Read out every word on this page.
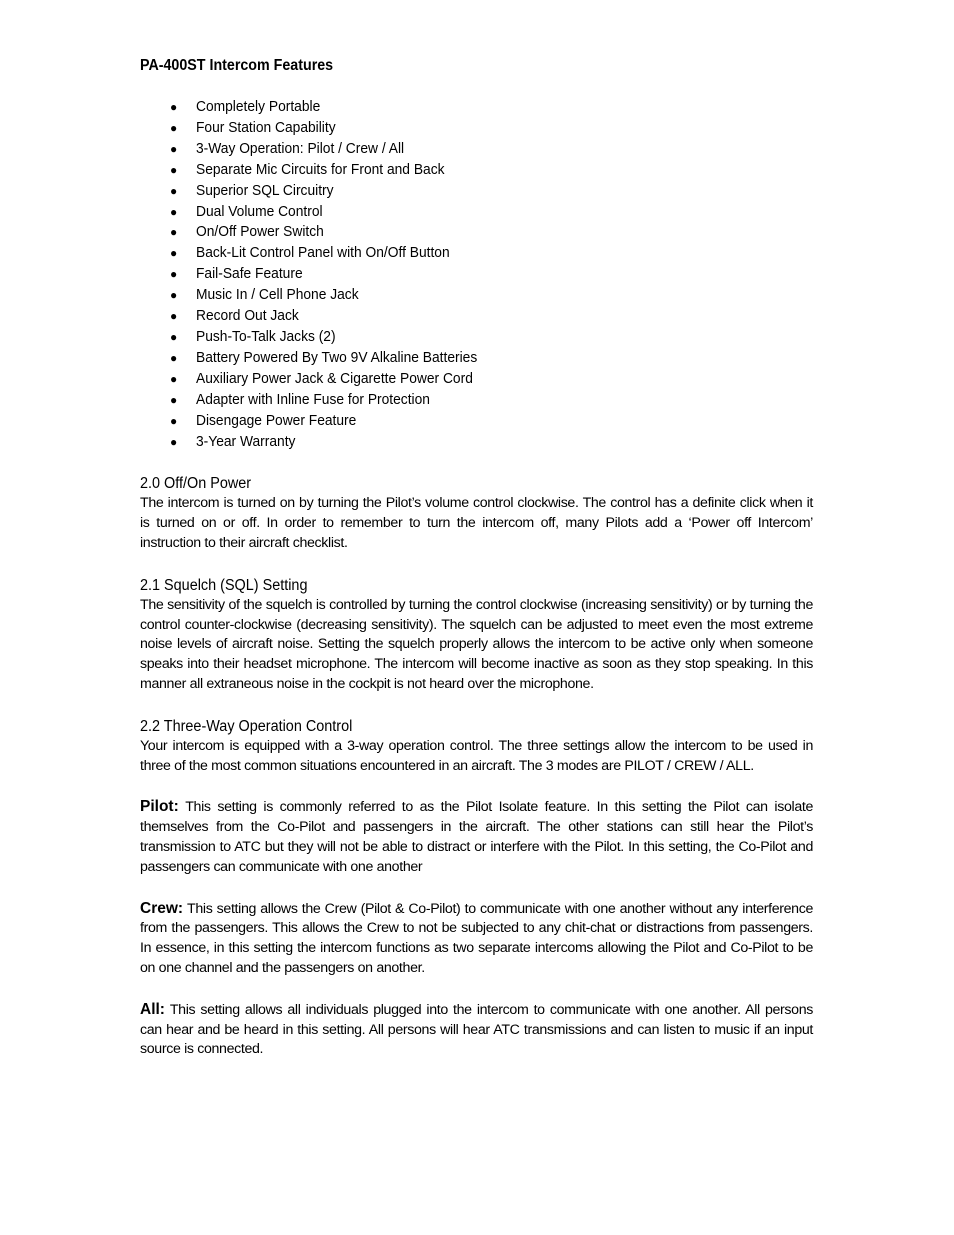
PA-400ST Intercom Features
● Completely Portable
● Four Station Capability
● 3-Way Operation: Pilot / Crew / All
● Separate Mic Circuits for Front and Back
● Superior SQL Circuitry
● Dual Volume Control
● On/Off Power Switch
● Back-Lit Control Panel with On/Off Button
● Fail-Safe Feature
● Music In / Cell Phone Jack
● Record Out Jack
● Push-To-Talk Jacks (2)
● Battery Powered By Two 9V Alkaline Batteries
● Auxiliary Power Jack & Cigarette Power Cord
● Adapter with Inline Fuse for Protection
● Disengage Power Feature
● 3-Year Warranty
2.0 Off/On Power

The intercom is turned on by turning the Pilot’s volume control clockwise. The control has a definite click when it is turned on or off. In order to remember to turn the intercom off, many Pilots add a ‘Power off Intercom’ instruction to their aircraft checklist.

2.1 Squelch (SQL) Setting

The sensitivity of the squelch is controlled by turning the control clockwise (increasing sensitivity) or by turning the control counter-clockwise (decreasing sensitivity). The squelch can be adjusted to meet even the most extreme noise levels of aircraft noise. Setting the squelch properly allows the intercom to be active only when someone speaks into their headset microphone. The intercom will become inactive as soon as they stop speaking. In this manner all extraneous noise in the cockpit is not heard over the microphone.

2.2 Three-Way Operation Control

Your intercom is equipped with a 3-way operation control. The three settings allow the intercom to be used in three of the most common situations encountered in an aircraft. The 3 modes are PILOT / CREW / ALL.

Pilot: This setting is commonly referred to as the Pilot Isolate feature. In this setting the Pilot can isolate themselves from the Co-Pilot and passengers in the aircraft. The other stations can still hear the Pilot’s transmission to ATC but they will not be able to distract or interfere with the Pilot. In this setting, the Co-Pilot and passengers can communicate with one another

Crew: This setting allows the Crew (Pilot & Co-Pilot) to communicate with one another without any interference from the passengers. This allows the Crew to not be subjected to any chit-chat or distractions from passengers. In essence, in this setting the intercom functions as two separate intercoms allowing the Pilot and Co-Pilot to be on one channel and the passengers on another.

All: This setting allows all individuals plugged into the intercom to communicate with one another. All persons can hear and be heard in this setting. All persons will hear ATC transmissions and can listen to music if an input source is connected.
